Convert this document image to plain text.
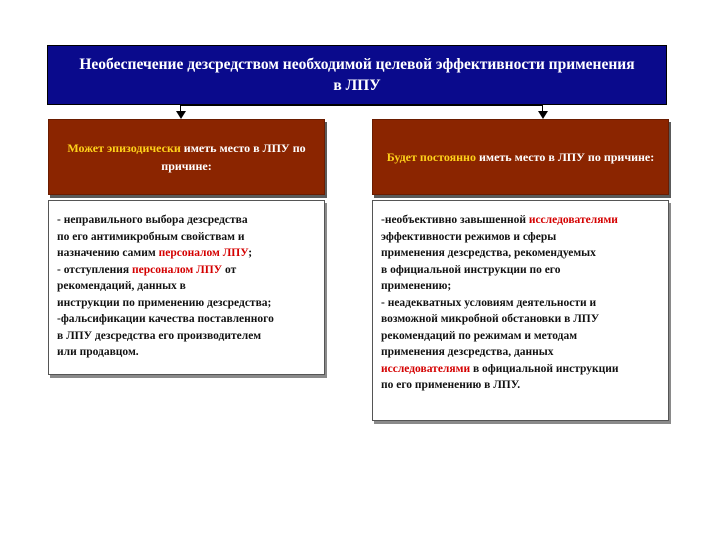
Необеспечение дезсредством необходимой целевой эффективности применения в ЛПУ
Может эпизодически иметь место в ЛПУ по причине:
Будет постоянно иметь место в ЛПУ по причине:
- неправильного выбора дезсредства
по его антимикробным свойствам и
назначению самим персоналом ЛПУ;
- отступления персоналом ЛПУ от
рекомендаций, данных в
инструкции по применению дезсредства;
-фальсификации качества поставленного
в ЛПУ дезсредства его производителем
или продавцом.
-необъективно завышенной исследователями
эффективности режимов и сферы
применения дезсредства, рекомендуемых
в официальной инструкции по его
применению;
- неадекватных условиям деятельности и
возможной микробной обстановки в ЛПУ
рекомендаций по режимам и методам
применения дезсредства, данных
исследователями в официальной инструкции
по его применению в ЛПУ.
